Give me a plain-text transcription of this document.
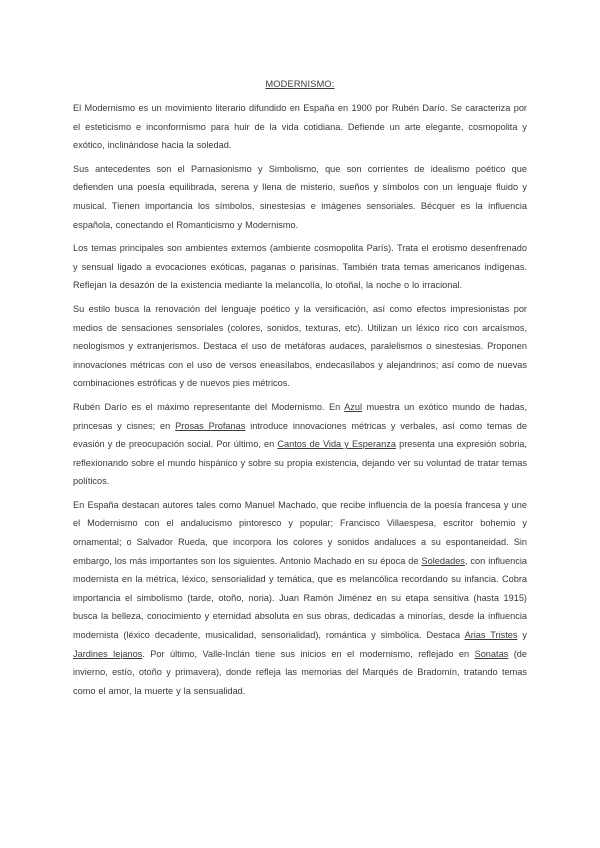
MODERNISMO:

El Modernismo es un movimiento literario difundido en España en 1900 por Rubén Darío. Se caracteriza por el esteticismo e inconformismo para huir de la vida cotidiana. Defiende un arte elegante, cosmopolita y exótico, inclinándose hacia la soledad.

Sus antecedentes son el Parnasionismo y Simbolismo, que son corrientes de idealismo poético que defienden una poesía equilibrada, serena y llena de misterio, sueños y símbolos con un lenguaje fluido y musical. Tienen importancia los símbolos, sinestesias e imágenes sensoriales. Bécquer es la influencia española, conectando el Romanticismo y Modernismo.

Los temas principales son ambientes externos (ambiente cosmopolita París). Trata el erotismo desenfrenado y sensual ligado a evocaciones exóticas, paganas o parisinas. También trata temas americanos indígenas. Reflejan la desazón de la existencia mediante la melancolía, lo otoñal, la noche o lo irracional.

Su estilo busca la renovación del lenguaje poético y la versificación, así como efectos impresionistas por medios de sensaciones sensoriales (colores, sonidos, texturas, etc). Utilizan un léxico rico con arcaísmos, neologismos y extranjerismos. Destaca el uso de metáforas audaces, paralelismos o sinestesias. Proponen innovaciones métricas con el uso de versos eneasílabos, endecasílabos y alejandrinos; así como de nuevas combinaciones estróficas y de nuevos pies métricos.

Rubén Darío es el máximo representante del Modernismo. En Azul muestra un exótico mundo de hadas, princesas y cisnes; en Prosas Profanas introduce innovaciones métricas y verbales, así como temas de evasión y de preocupación social. Por último, en Cantos de Vida y Esperanza presenta una expresión sobria, reflexionando sobre el mundo hispánico y sobre su propia existencia, dejando ver su voluntad de tratar temas políticos.

En España destacan autores tales como Manuel Machado, que recibe influencia de la poesía francesa y une el Modernismo con el andalucismo pintoresco y popular; Francisco Villaespesa, escritor bohemio y ornamental; o Salvador Rueda, que incorpora los colores y sonidos andaluces a su espontaneidad. Sin embargo, los más importantes son los siguientes. Antonio Machado en su época de Soledades, con influencia modernista en la métrica, léxico, sensorialidad y temática, que es melancólica recordando su infancia. Cobra importancia el simbolismo (tarde, otoño, noria). Juan Ramón Jiménez en su etapa sensitiva (hasta 1915) busca la belleza, conocimiento y eternidad absoluta en sus obras, dedicadas a minorías, desde la influencia modernista (léxico decadente, musicalidad, sensorialidad), romántica y simbólica. Destaca Arias Tristes y Jardines lejanos. Por último, Valle-Inclán tiene sus inicios en el modernismo, reflejado en Sonatas (de invierno, estío, otoño y primavera), donde refleja las memorias del Marqués de Bradomín, tratando temas como el amor, la muerte y la sensualidad.
